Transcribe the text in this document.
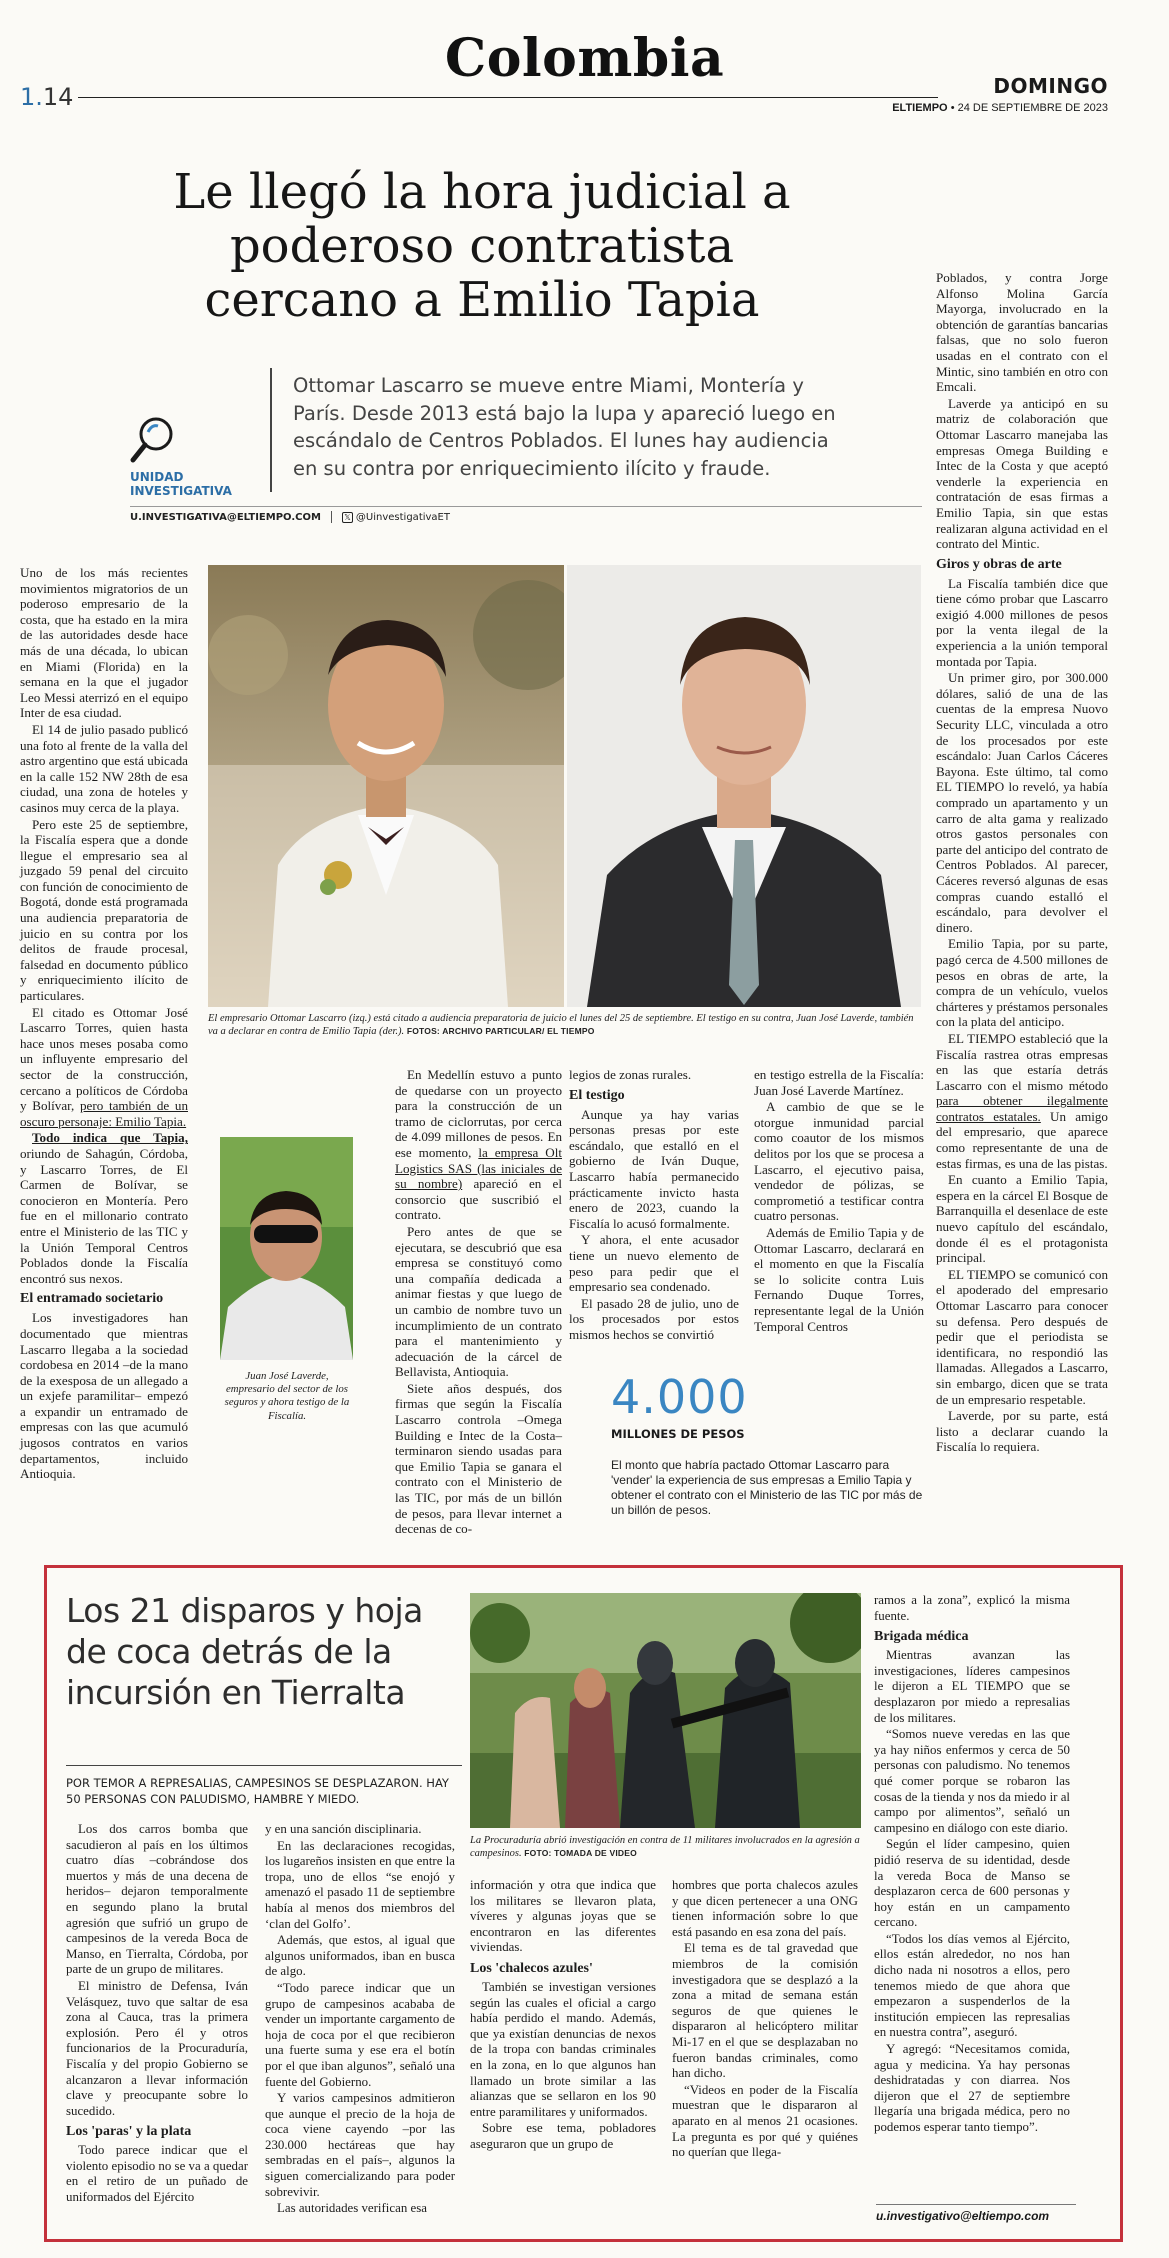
Colombia
1.14	DOMINGO
ELTIEMPO • 24 DE SEPTIEMBRE DE 2023
Le llegó la hora judicial a
poderoso contratista
cercano a Emilio Tapia
Ottomar Lascarro se mueve entre Miami, Montería y París. Desde 2013 está bajo la lupa y apareció luego en escándalo de Centros Poblados. El lunes hay audiencia en su contra por enriquecimiento ilícito y fraude.
UNIDAD
INVESTIGATIVA
U.INVESTIGATIVA@ELTIEMPO.COM	𝕏 @UinvestigativaET

Uno de los más recientes movimientos migratorios de un poderoso empresario de la costa, que ha estado en la mira de las autoridades desde hace más de una década, lo ubican en Miami (Florida) en la semana en la que el jugador Leo Messi aterrizó en el equipo Inter de esa ciudad.

El 14 de julio pasado publicó una foto al frente de la valla del astro argentino que está ubicada en la calle 152 NW 28th de esa ciudad, una zona de hoteles y casinos muy cerca de la playa.

Pero este 25 de septiembre, la Fiscalía espera que a donde llegue el empresario sea al juzgado 59 penal del circuito con función de conocimiento de Bogotá, donde está programada una audiencia preparatoria de juicio en su contra por los delitos de fraude procesal, falsedad en documento público y enriquecimiento ilícito de particulares.

El citado es Ottomar José Lascarro Torres, quien hasta hace unos meses posaba como un influyente empresario del sector de la construcción, cercano a políticos de Córdoba y Bolívar, pero también de un oscuro personaje: Emilio Tapia.

Todo indica que Tapia, oriundo de Sahagún, Córdoba, y Lascarro Torres, de El Carmen de Bolívar, se conocieron en Montería. Pero fue en el millonario contrato entre el Ministerio de las TIC y la Unión Temporal Centros Poblados donde la Fiscalía encontró sus nexos.

El entramado societario

Los investigadores han documentado que mientras Lascarro llegaba a la sociedad cordobesa en 2014 –de la mano de la exesposa de un allegado a un exjefe paramilitar– empezó a expandir un entramado de empresas con las que acumuló jugosos contratos en varios departamentos, incluido Antioquia.

El empresario Ottomar Lascarro (izq.) está citado a audiencia preparatoria de juicio el lunes del 25 de septiembre. El testigo en su contra, Juan José Laverde, también va a declarar en contra de Emilio Tapia (der.). FOTOS: ARCHIVO PARTICULAR/ EL TIEMPO
Juan José Laverde, empresario del sector de los seguros y ahora testigo de la Fiscalía.

En Medellín estuvo a punto de quedarse con un proyecto para la construcción de un tramo de ciclorrutas, por cerca de 4.099 millones de pesos. En ese momento, la empresa Olt Logistics SAS (las iniciales de su nombre) apareció en el consorcio que suscribió el contrato.

Pero antes de que se ejecutara, se descubrió que esa empresa se constituyó como una compañía dedicada a animar fiestas y que luego de un cambio de nombre tuvo un incumplimiento de un contrato para el mantenimiento y adecuación de la cárcel de Bellavista, Antioquia.

Siete años después, dos firmas que según la Fiscalía Lascarro controla –Omega Building e Intec de la Costa– terminaron siendo usadas para que Emilio Tapia se ganara el contrato con el Ministerio de las TIC, por más de un billón de pesos, para llevar internet a decenas de co-

legios de zonas rurales.

El testigo

Aunque ya hay varias personas presas por este escándalo, que estalló en el gobierno de Iván Duque, Lascarro había permanecido prácticamente invicto hasta enero de 2023, cuando la Fiscalía lo acusó formalmente.

Y ahora, el ente acusador tiene un nuevo elemento de peso para pedir que el empresario sea condenado.

El pasado 28 de julio, uno de los procesados por estos mismos hechos se convirtió

en testigo estrella de la Fiscalía: Juan José Laverde Martínez.

A cambio de que se le otorgue inmunidad parcial como coautor de los mismos delitos por los que se procesa a Lascarro, el ejecutivo paisa, vendedor de pólizas, se comprometió a testificar contra cuatro personas.

Además de Emilio Tapia y de Ottomar Lascarro, declarará en el momento en que la Fiscalía se lo solicite contra Luis Fernando Duque Torres, representante legal de la Unión Temporal Centros

4.000
MILLONES DE PESOS
El monto que habría pactado Ottomar Lascarro para 'vender' la experiencia de sus empresas a Emilio Tapia y obtener el contrato con el Ministerio de las TIC por más de un billón de pesos.

Poblados, y contra Jorge Alfonso Molina García Mayorga, involucrado en la obtención de garantías bancarias falsas, que no solo fueron usadas en el contrato con el Mintic, sino también en otro con Emcali.

Laverde ya anticipó en su matriz de colaboración que Ottomar Lascarro manejaba las empresas Omega Building e Intec de la Costa y que aceptó venderle la experiencia en contratación de esas firmas a Emilio Tapia, sin que estas realizaran alguna actividad en el contrato del Mintic.

Giros y obras de arte

La Fiscalía también dice que tiene cómo probar que Lascarro exigió 4.000 millones de pesos por la venta ilegal de la experiencia a la unión temporal montada por Tapia.

Un primer giro, por 300.000 dólares, salió de una de las cuentas de la empresa Nuovo Security LLC, vinculada a otro de los procesados por este escándalo: Juan Carlos Cáceres Bayona. Este último, tal como EL TIEMPO lo reveló, ya había comprado un apartamento y un carro de alta gama y realizado otros gastos personales con parte del anticipo del contrato de Centros Poblados. Al parecer, Cáceres reversó algunas de esas compras cuando estalló el escándalo, para devolver el dinero.

Emilio Tapia, por su parte, pagó cerca de 4.500 millones de pesos en obras de arte, la compra de un vehículo, vuelos chárteres y préstamos personales con la plata del anticipo.

EL TIEMPO estableció que la Fiscalía rastrea otras empresas en las que estaría detrás Lascarro con el mismo método para obtener ilegalmente contratos estatales. Un amigo del empresario, que aparece como representante de una de estas firmas, es una de las pistas.

En cuanto a Emilio Tapia, espera en la cárcel El Bosque de Barranquilla el desenlace de este nuevo capítulo del escándalo, donde él es el protagonista principal.

EL TIEMPO se comunicó con el apoderado del empresario Ottomar Lascarro para conocer su defensa. Pero después de pedir que el periodista se identificara, no respondió las llamadas. Allegados a Lascarro, sin embargo, dicen que se trata de un empresario respetable.

Laverde, por su parte, está listo a declarar cuando la Fiscalía lo requiera.

Los 21 disparos y hoja
de coca detrás de la
incursión en Tierralta
POR TEMOR A REPRESALIAS, CAMPESINOS SE DESPLAZARON. HAY 50 PERSONAS CON PALUDISMO, HAMBRE Y MIEDO.
La Procuraduría abrió investigación en contra de 11 militares involucrados en la agresión a campesinos. FOTO: TOMADA DE VIDEO

Los dos carros bomba que sacudieron al país en los últimos cuatro días –cobrándose dos muertos y más de una decena de heridos– dejaron temporalmente en segundo plano la brutal agresión que sufrió un grupo de campesinos de la vereda Boca de Manso, en Tierralta, Córdoba, por parte de un grupo de militares.

El ministro de Defensa, Iván Velásquez, tuvo que saltar de esa zona al Cauca, tras la primera explosión. Pero él y otros funcionarios de la Procuraduría, Fiscalía y del propio Gobierno se alcanzaron a llevar información clave y preocupante sobre lo sucedido.

Los 'paras' y la plata

Todo parece indicar que el violento episodio no se va a quedar en el retiro de un puñado de uniformados del Ejército

y en una sanción disciplinaria.

En las declaraciones recogidas, los lugareños insisten en que entre la tropa, uno de ellos “se enojó y amenazó el pasado 11 de septiembre había al menos dos miembros del ‘clan del Golfo’.

Además, que estos, al igual que algunos uniformados, iban en busca de algo.

“Todo parece indicar que un grupo de campesinos acababa de vender un importante cargamento de hoja de coca por el que recibieron una fuerte suma y ese era el botín por el que iban algunos”, señaló una fuente del Gobierno.

Y varios campesinos admitieron que aunque el precio de la hoja de coca viene cayendo –por las 230.000 hectáreas que hay sembradas en el país–, algunos la siguen comercializando para poder sobrevivir.

Las autoridades verifican esa

información y otra que indica que los militares se llevaron plata, víveres y algunas joyas que se encontraron en las diferentes viviendas.

Los 'chalecos azules'

También se investigan versiones según las cuales el oficial a cargo había perdido el mando. Además, que ya existían denuncias de nexos de la tropa con bandas criminales en la zona, en lo que algunos han llamado un brote similar a las alianzas que se sellaron en los 90 entre paramilitares y uniformados.

Sobre ese tema, pobladores aseguraron que un grupo de

hombres que porta chalecos azules y que dicen pertenecer a una ONG tienen información sobre lo que está pasando en esa zona del país.

El tema es de tal gravedad que miembros de la comisión investigadora que se desplazó a la zona a mitad de semana están seguros de que quienes le dispararon al helicóptero militar Mi-17 en el que se desplazaban no fueron bandas criminales, como han dicho.

“Videos en poder de la Fiscalía muestran que le dispararon al aparato en al menos 21 ocasiones. La pregunta es por qué y quiénes no querían que llega-

ramos a la zona”, explicó la misma fuente.

Brigada médica

Mientras avanzan las investigaciones, líderes campesinos le dijeron a EL TIEMPO que se desplazaron por miedo a represalias de los militares.

“Somos nueve veredas en las que ya hay niños enfermos y cerca de 50 personas con paludismo. No tenemos qué comer porque se robaron las cosas de la tienda y nos da miedo ir al campo por alimentos”, señaló un campesino en diálogo con este diario.

Según el líder campesino, quien pidió reserva de su identidad, desde la vereda Boca de Manso se desplazaron cerca de 600 personas y hoy están en un campamento cercano.

“Todos los días vemos al Ejército, ellos están alrededor, no nos han dicho nada ni nosotros a ellos, pero tenemos miedo de que ahora que empezaron a suspenderlos de la institución empiecen las represalias en nuestra contra”, aseguró.

Y agregó: “Necesitamos comida, agua y medicina. Ya hay personas deshidratadas y con diarrea. Nos dijeron que el 27 de septiembre llegaría una brigada médica, pero no podemos esperar tanto tiempo”.

u.investigativo@eltiempo.com
